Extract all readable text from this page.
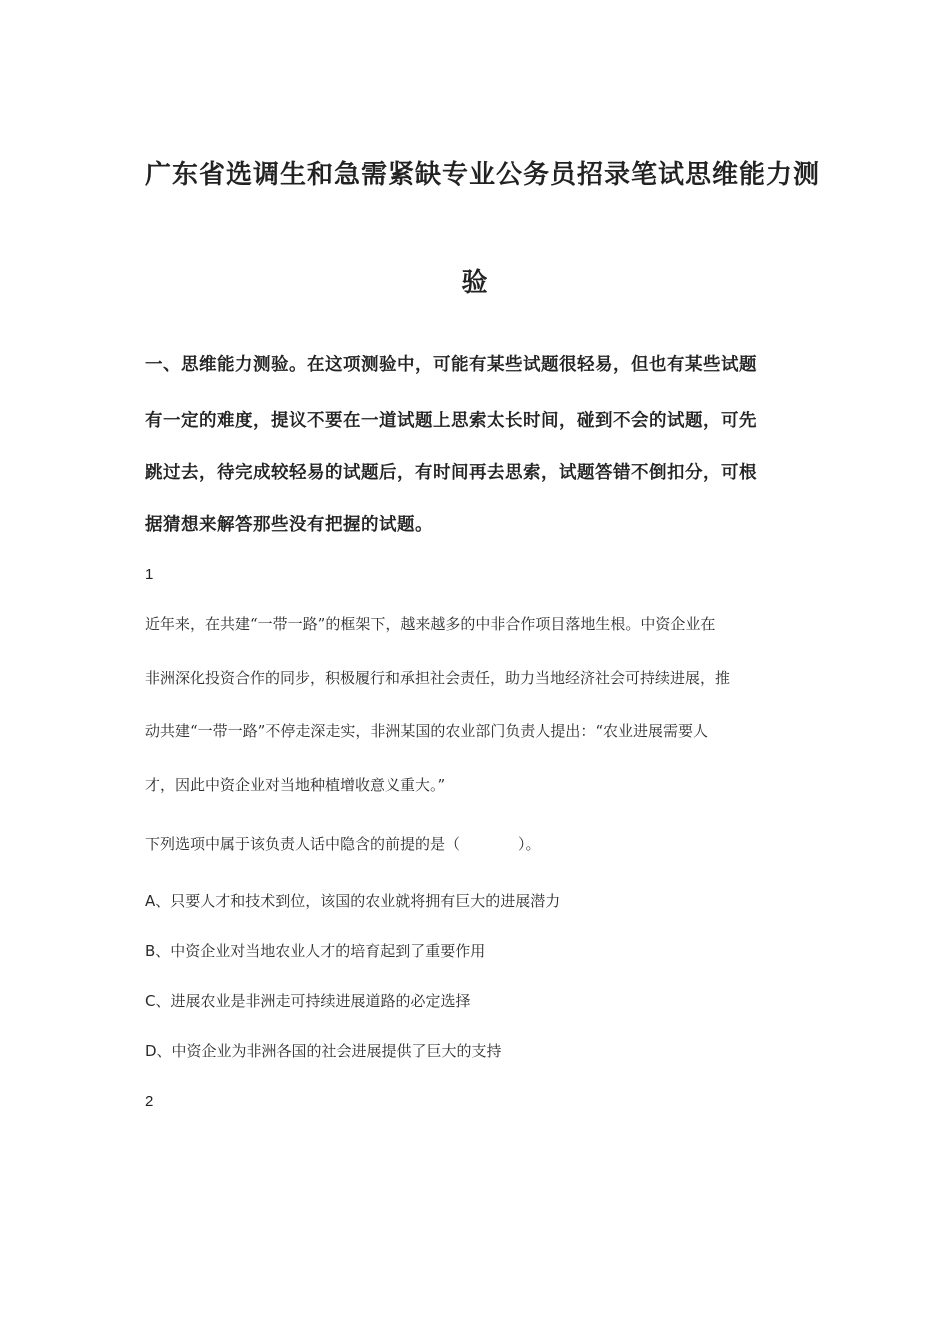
广东省选调生和急需紧缺专业公务员招录笔试思维能力测
验
一、思维能力测验。在这项测验中，可能有某些试题很轻易，但也有某些试题
有一定的难度，提议不要在一道试题上思索太长时间，碰到不会的试题，可先
跳过去，待完成较轻易的试题后，有时间再去思索，试题答错不倒扣分，可根
据猜想来解答那些没有把握的试题。
1
近年来，在共建“一带一路”的框架下，越来越多的中非合作项目落地生根。中资企业在
非洲深化投资合作的同步，积极履行和承担社会责任，助力当地经济社会可持续进展，推
动共建“一带一路”不停走深走实，非洲某国的农业部门负责人提出：“农业进展需要人
才，因此中资企业对当地种植增收意义重大。”
下列选项中属于该负责人话中隐含的前提的是（	）。
A、只要人才和技术到位，该国的农业就将拥有巨大的进展潜力
B、中资企业对当地农业人才的培育起到了重要作用
C、进展农业是非洲走可持续进展道路的必定选择
D、中资企业为非洲各国的社会进展提供了巨大的支持
2
